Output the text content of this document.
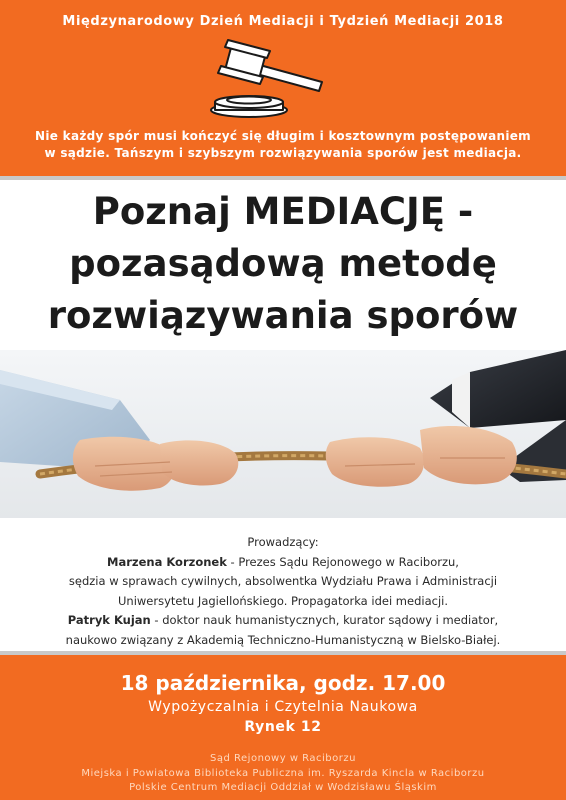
Międzynarodowy Dzień Mediacji i Tydzień Mediacji 2018
Nie każdy spór musi kończyć się długim i kosztownym postępowaniem
w sądzie. Tańszym i szybszym rozwiązywania sporów jest mediacja.
Poznaj MEDIACJĘ -
pozasądową metodę
rozwiązywania sporów
Prowadzący:
Marzena Korzonek - Prezes Sądu Rejonowego w Raciborzu,
sędzia w sprawach cywilnych, absolwentka Wydziału Prawa i Administracji
Uniwersytetu Jagiellońskiego. Propagatorka idei mediacji.
Patryk Kujan - doktor nauk humanistycznych, kurator sądowy i mediator,
naukowo związany z Akademią Techniczno-Humanistyczną w Bielsko-Białej.
18 października, godz. 17.00
Wypożyczalnia i Czytelnia Naukowa
Rynek 12
Sąd Rejonowy w Raciborzu
Miejska i Powiatowa Biblioteka Publiczna im. Ryszarda Kincla w Raciborzu
Polskie Centrum Mediacji Oddział w Wodzisławu Śląskim
